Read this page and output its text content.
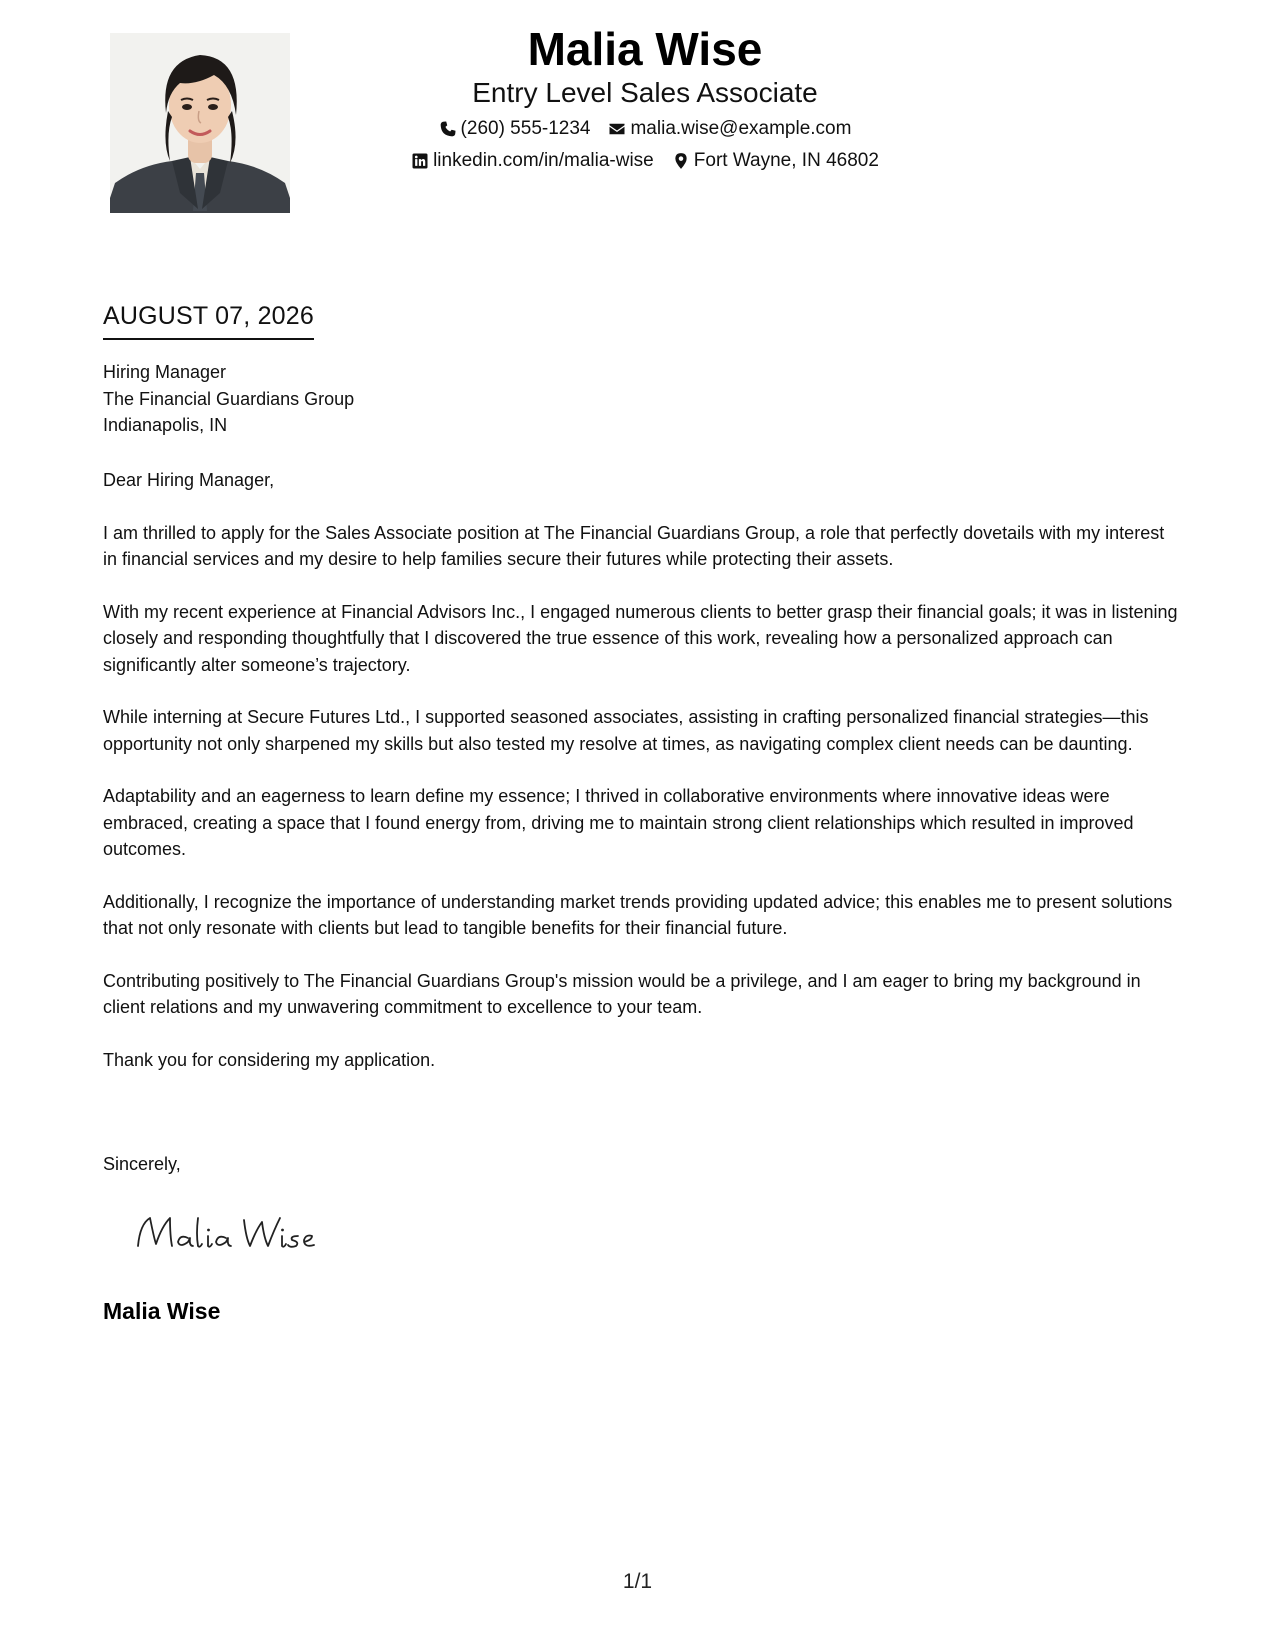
Malia Wise
Entry Level Sales Associate
(260) 555-1234 malia.wise@example.com
linkedin.com/in/malia-wise Fort Wayne, IN 46802
AUGUST 07, 2026
Hiring Manager
The Financial Guardians Group
Indianapolis, IN

Dear Hiring Manager,

I am thrilled to apply for the Sales Associate position at The Financial Guardians Group, a role that perfectly dovetails with my interest in financial services and my desire to help families secure their futures while protecting their assets.

With my recent experience at Financial Advisors Inc., I engaged numerous clients to better grasp their financial goals; it was in listening closely and responding thoughtfully that I discovered the true essence of this work, revealing how a personalized approach can significantly alter someone’s trajectory.

While interning at Secure Futures Ltd., I supported seasoned associates, assisting in crafting personalized financial strategies—this opportunity not only sharpened my skills but also tested my resolve at times, as navigating complex client needs can be daunting.

Adaptability and an eagerness to learn define my essence; I thrived in collaborative environments where innovative ideas were embraced, creating a space that I found energy from, driving me to maintain strong client relationships which resulted in improved outcomes.

Additionally, I recognize the importance of understanding market trends providing updated advice; this enables me to present solutions that not only resonate with clients but lead to tangible benefits for their financial future.

Contributing positively to The Financial Guardians Group's mission would be a privilege, and I am eager to bring my background in client relations and my unwavering commitment to excellence to your team.

Thank you for considering my application.

Sincerely,
Malia Wise
1/1
